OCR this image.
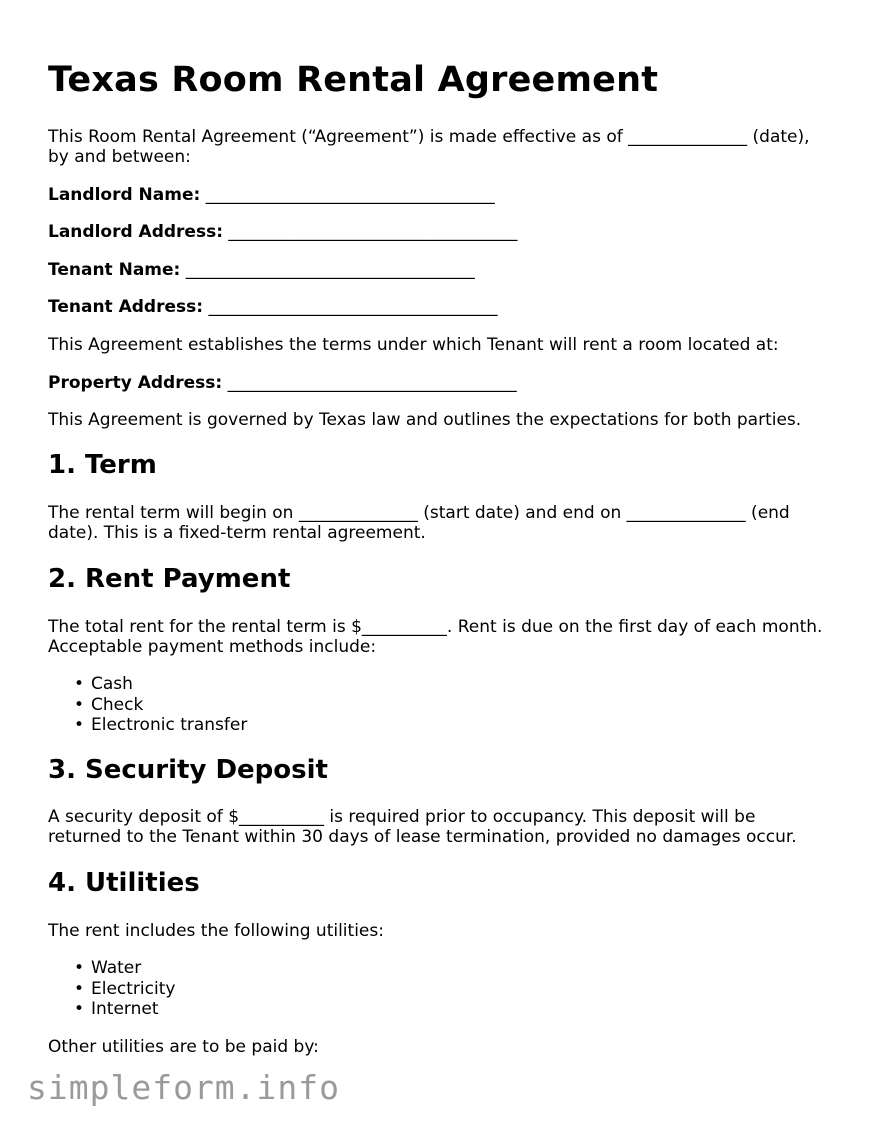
Texas Room Rental Agreement

This Room Rental Agreement (“Agreement”) is made effective as of ______________ (date), by and between:

Landlord Name: __________________________________
Landlord Address: __________________________________
Tenant Name: __________________________________
Tenant Address: __________________________________

This Agreement establishes the terms under which Tenant will rent a room located at:

Property Address: __________________________________

This Agreement is governed by Texas law and outlines the expectations for both parties.

1. Term

The rental term will begin on ______________ (start date) and end on ______________ (end date). This is a fixed-term rental agreement.

2. Rent Payment

The total rent for the rental term is $__________. Rent is due on the first day of each month. Acceptable payment methods include:

• Cash
• Check
• Electronic transfer
3. Security Deposit

A security deposit of $__________ is required prior to occupancy. This deposit will be returned to the Tenant within 30 days of lease termination, provided no damages occur.

4. Utilities

The rent includes the following utilities:

• Water
• Electricity
• Internet

Other utilities are to be paid by:

simpleform.info
